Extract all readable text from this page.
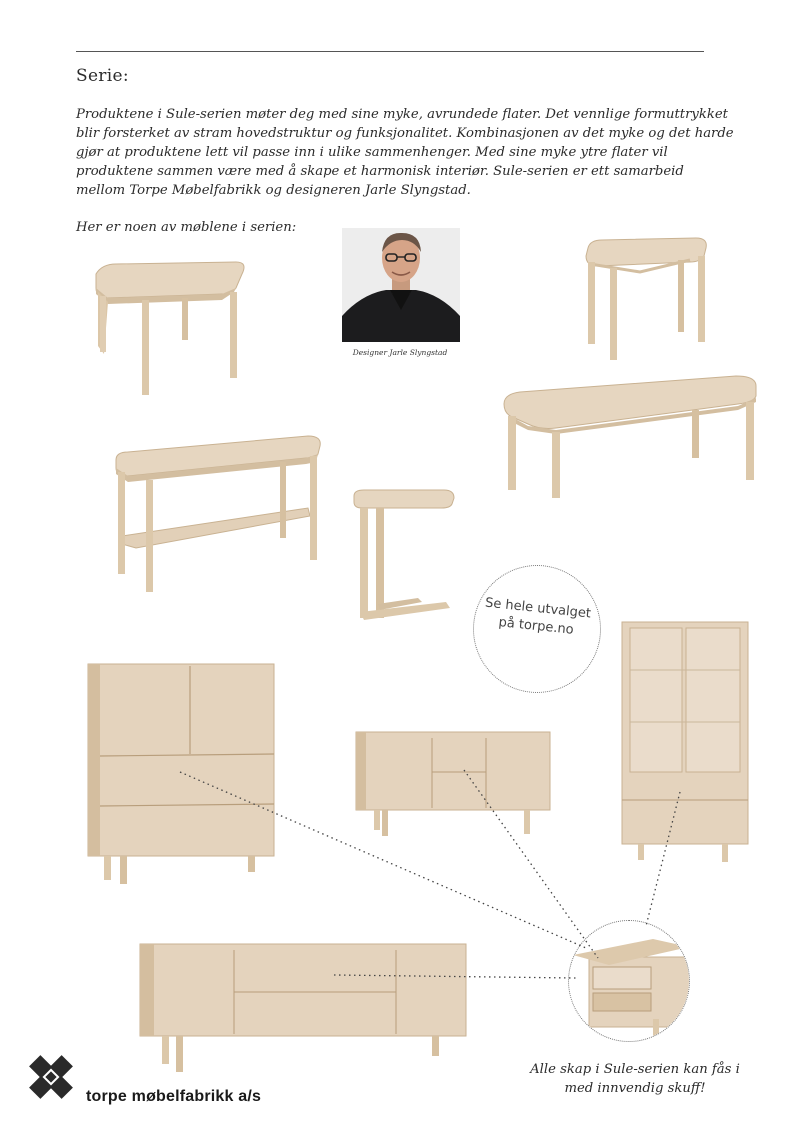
Serie:
Produktene i Sule-serien møter deg med sine myke, avrundede flater. Det vennlige formuttrykket blir forsterket av stram hovedstruktur og funksjonalitet. Kombinasjonen av det myke og det harde gjør at produktene lett vil passe inn i ulike sammenhenger. Med sine myke ytre flater vil produktene sammen være med å skape et harmonisk interiør. Sule-serien er ett samarbeid mellom Torpe Møbelfabrikk og designeren Jarle Slyngstad.
Her er noen av møblene i serien:
Designer Jarle Slyngstad
Se hele utvalget
på torpe.no
Alle skap i Sule-serien kan fås i
med innvendig skuff!
torpe møbelfabrikk a/s
